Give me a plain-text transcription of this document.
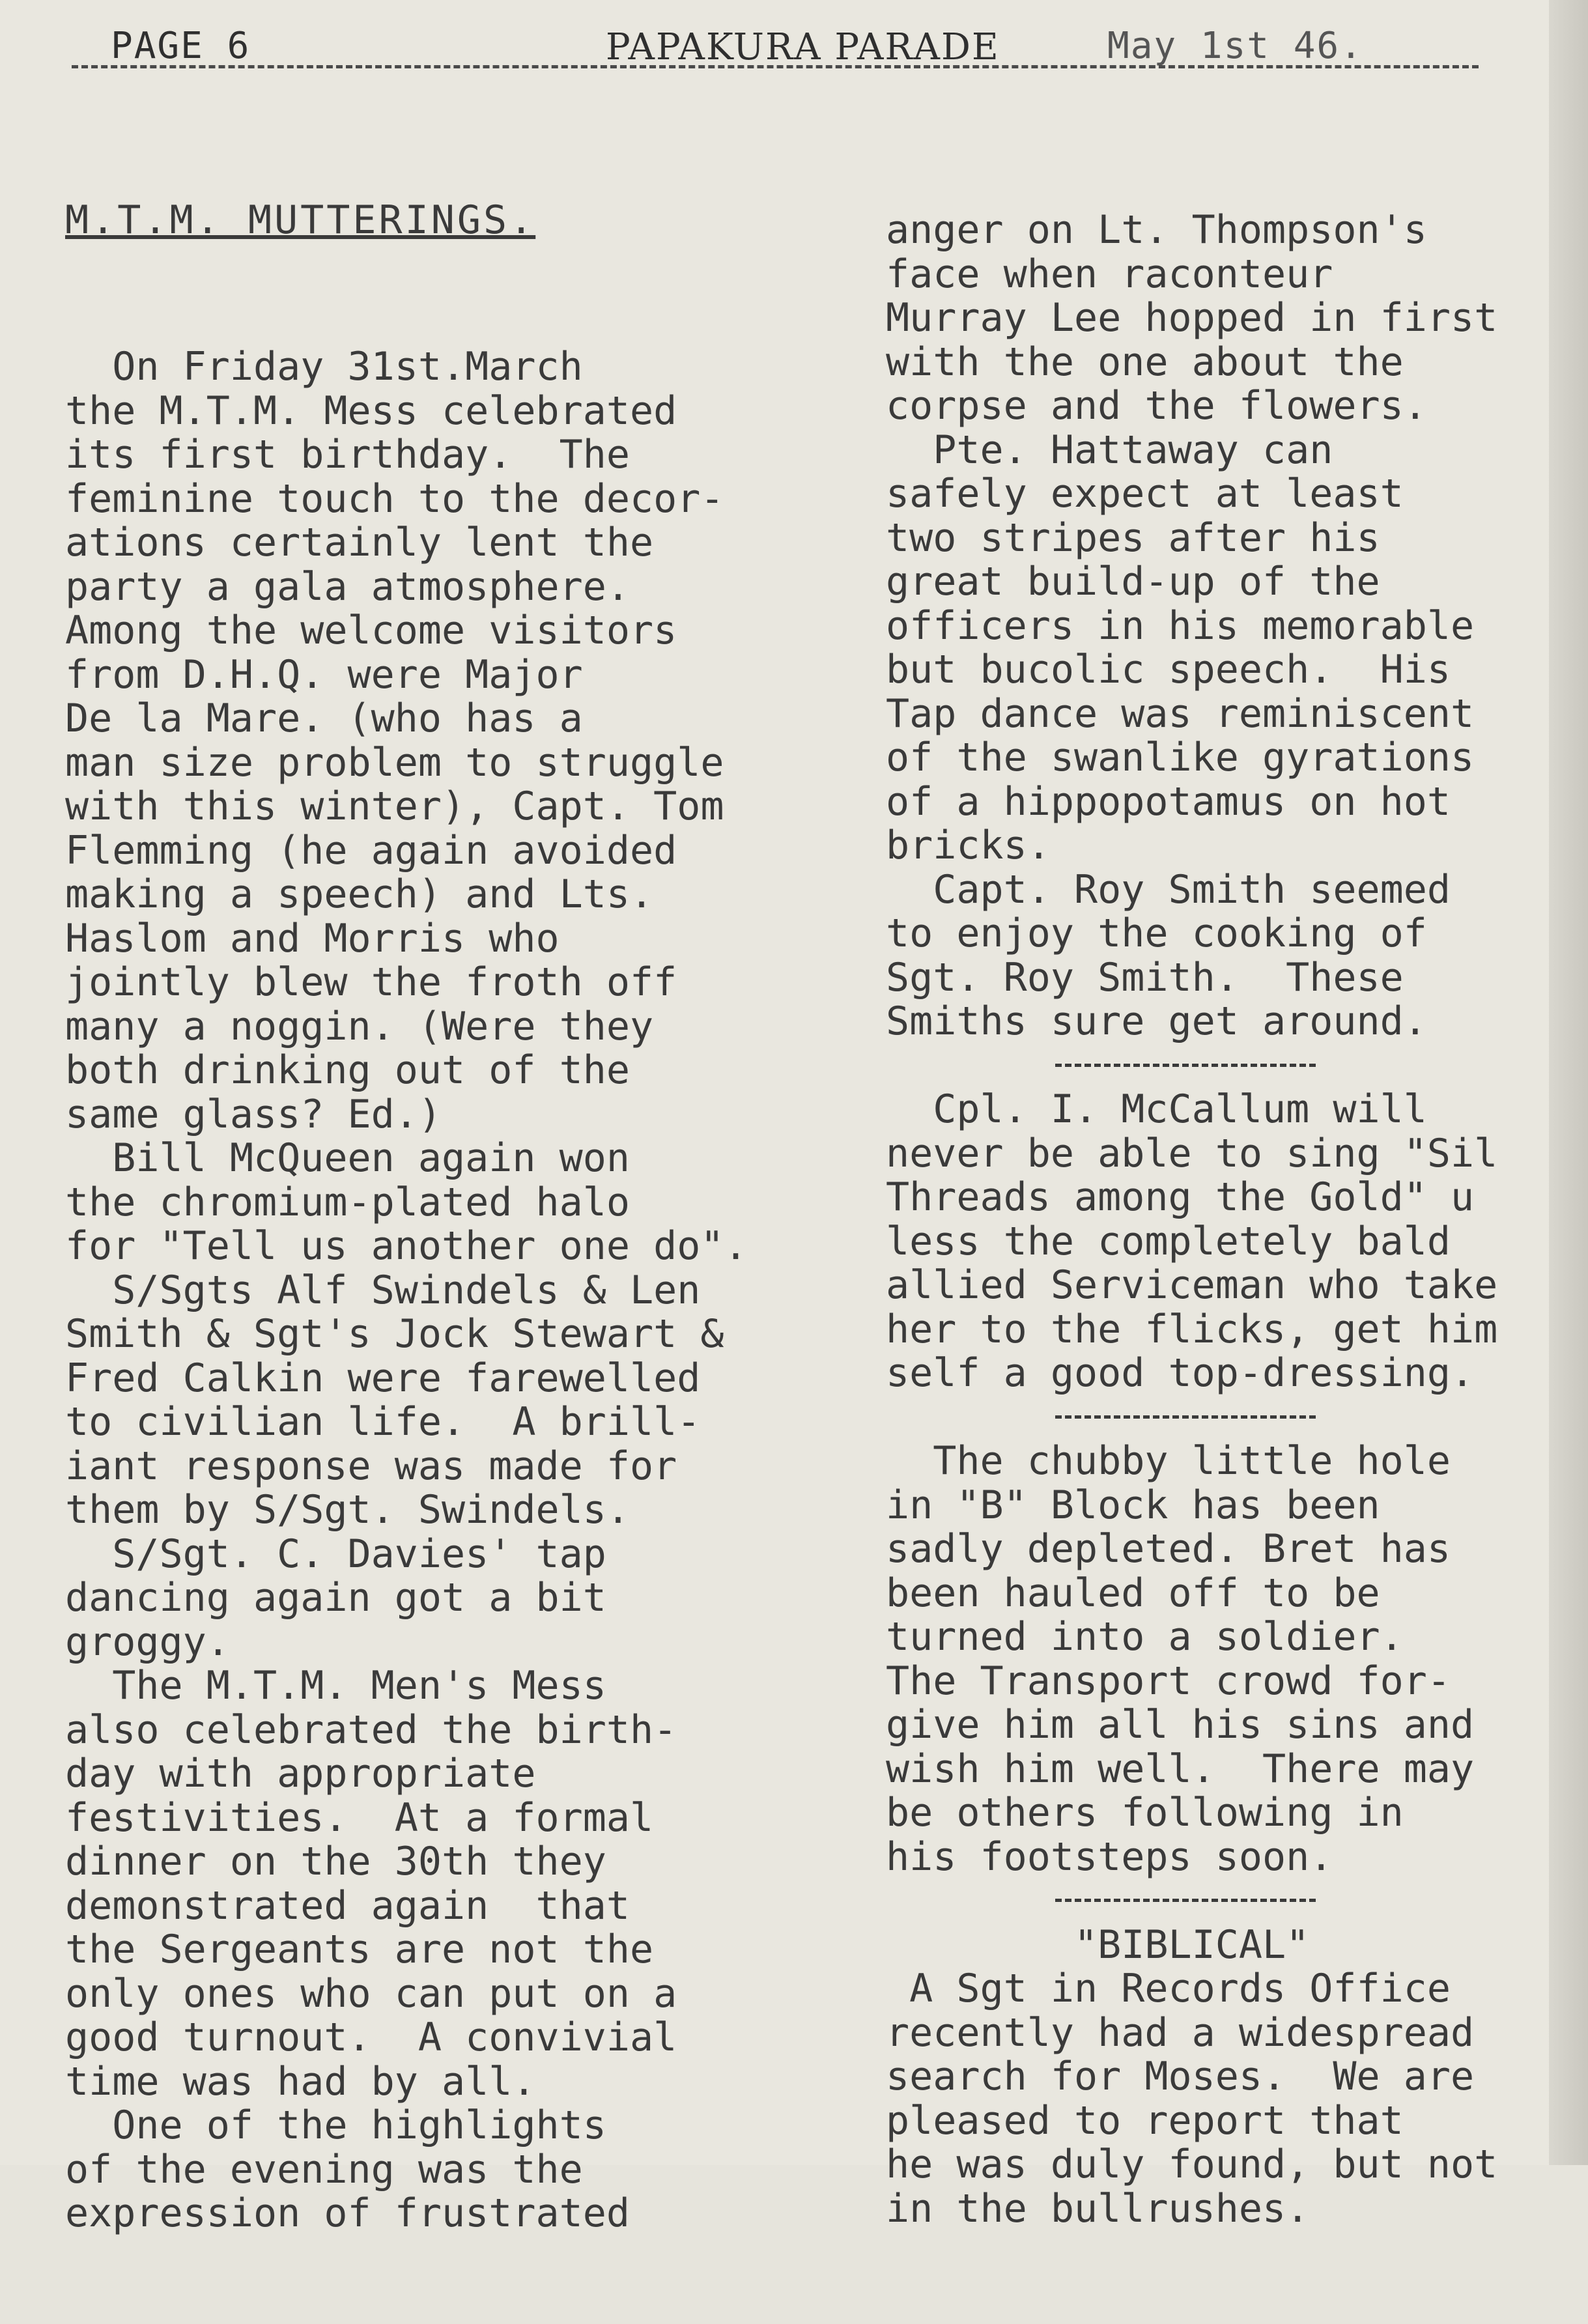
PAGE 6	PAPAKURA PARADE	May 1st 46.

M.T.M. MUTTERINGS.

On Friday 31st.March
the M.T.M. Mess celebrated
its first birthday.  The
feminine touch to the decor-
ations certainly lent the
party a gala atmosphere.
Among the welcome visitors
from D.H.Q. were Major
De la Mare. (who has a
man size problem to struggle
with this winter), Capt. Tom
Flemming (he again avoided
making a speech) and Lts.
Haslom and Morris who
jointly blew the froth off
many a noggin. (Were they
both drinking out of the
same glass? Ed.)
Bill McQueen again won
the chromium-plated halo
for "Tell us another one do".
S/Sgts Alf Swindels & Len
Smith & Sgt's Jock Stewart &
Fred Calkin were farewelled
to civilian life.  A brill-
iant response was made for
them by S/Sgt. Swindels.
S/Sgt. C. Davies' tap
dancing again got a bit
groggy.
The M.T.M. Men's Mess
also celebrated the birth-
day with appropriate
festivities.  At a formal
dinner on the 30th they
demonstrated again  that
the Sergeants are not the
only ones who can put on a
good turnout.  A convivial
time was had by all.
One of the highlights
of the evening was the
expression of frustrated

anger on Lt. Thompson's
face when raconteur
Murray Lee hopped in first
with the one about the
corpse and the flowers.
Pte. Hattaway can
safely expect at least
two stripes after his
great build-up of the
officers in his memorable
but bucolic speech.  His
Tap dance was reminiscent
of the swanlike gyrations
of a hippopotamus on hot
bricks.
Capt. Roy Smith seemed
to enjoy the cooking of
Sgt. Roy Smith.  These
Smiths sure get around.
Cpl. I. McCallum will
never be able to sing "Sil
Threads among the Gold" u
less the completely bald
allied Serviceman who take
her to the flicks, get him
self a good top-dressing.
The chubby little hole
in "B" Block has been
sadly depleted. Bret has
been hauled off to be
turned into a soldier.
The Transport crowd for-
give him all his sins and
wish him well.  There may
be others following in
his footsteps soon.
"BIBLICAL"
A Sgt in Records Office
recently had a widespread
search for Moses.  We are
pleased to report that
he was duly found, but not
in the bullrushes.
